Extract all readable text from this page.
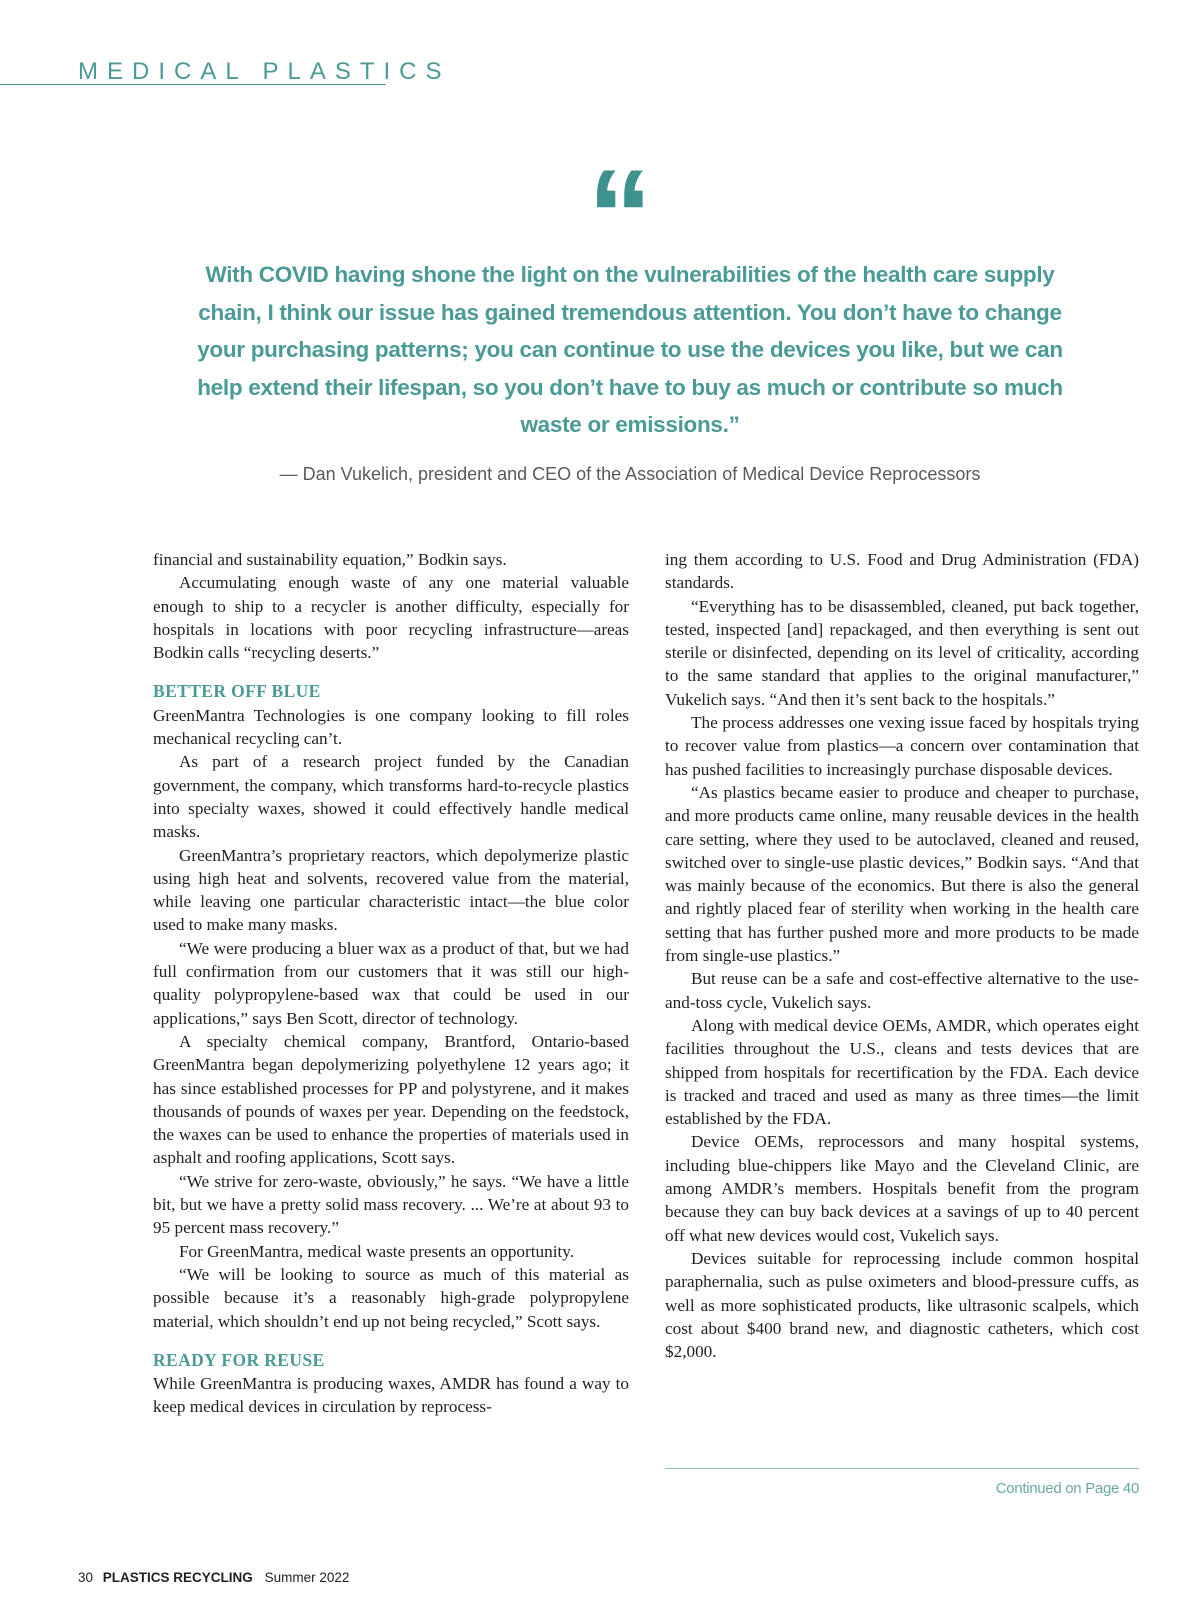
MEDICAL PLASTICS
“

With COVID having shone the light on the vulnerabilities of the health care supply chain, I think our issue has gained tremendous attention. You don’t have to change your purchasing patterns; you can continue to use the devices you like, but we can help extend their lifespan, so you don’t have to buy as much or contribute so much waste or emissions.”

— Dan Vukelich, president and CEO of the Association of Medical Device Reprocessors

financial and sustainability equation,” Bodkin says.

Accumulating enough waste of any one material valuable enough to ship to a recycler is another difficulty, especially for hospitals in locations with poor recycling infrastructure—areas Bodkin calls “recycling deserts.”

BETTER OFF BLUE

GreenMantra Technologies is one company looking to fill roles mechanical recycling can’t.

As part of a research project funded by the Canadian government, the company, which transforms hard-to-recycle plastics into specialty waxes, showed it could effectively handle medical masks.

GreenMantra’s proprietary reactors, which depolymerize plastic using high heat and solvents, recovered value from the material, while leaving one particular characteristic intact—the blue color used to make many masks.

“We were producing a bluer wax as a product of that, but we had full confirmation from our customers that it was still our high-quality polypropylene-based wax that could be used in our applications,” says Ben Scott, director of technology.

A specialty chemical company, Brantford, Ontario-based GreenMantra began depolymerizing polyethylene 12 years ago; it has since established processes for PP and polystyrene, and it makes thousands of pounds of waxes per year. Depending on the feedstock, the waxes can be used to enhance the properties of materials used in asphalt and roofing applications, Scott says.

“We strive for zero-waste, obviously,” he says. “We have a little bit, but we have a pretty solid mass recovery. ... We’re at about 93 to 95 percent mass recovery.”

For GreenMantra, medical waste presents an opportunity.

“We will be looking to source as much of this material as possible because it’s a reasonably high-grade polypropylene material, which shouldn’t end up not being recycled,” Scott says.

READY FOR REUSE

While GreenMantra is producing waxes, AMDR has found a way to keep medical devices in circulation by reprocess-

ing them according to U.S. Food and Drug Administration (FDA) standards.

“Everything has to be disassembled, cleaned, put back together, tested, inspected [and] repackaged, and then everything is sent out sterile or disinfected, depending on its level of criticality, according to the same standard that applies to the original manufacturer,” Vukelich says. “And then it’s sent back to the hospitals.”

The process addresses one vexing issue faced by hospitals trying to recover value from plastics—a concern over contamination that has pushed facilities to increasingly purchase disposable devices.

“As plastics became easier to produce and cheaper to purchase, and more products came online, many reusable devices in the health care setting, where they used to be autoclaved, cleaned and reused, switched over to single-use plastic devices,” Bodkin says. “And that was mainly because of the economics. But there is also the general and rightly placed fear of sterility when working in the health care setting that has further pushed more and more products to be made from single-use plastics.”

But reuse can be a safe and cost-effective alternative to the use-and-toss cycle, Vukelich says.

Along with medical device OEMs, AMDR, which operates eight facilities throughout the U.S., cleans and tests devices that are shipped from hospitals for recertification by the FDA. Each device is tracked and traced and used as many as three times—the limit established by the FDA.

Device OEMs, reprocessors and many hospital systems, including blue-chippers like Mayo and the Cleveland Clinic, are among AMDR’s members. Hospitals benefit from the program because they can buy back devices at a savings of up to 40 percent off what new devices would cost, Vukelich says.

Devices suitable for reprocessing include common hospital paraphernalia, such as pulse oximeters and blood-pressure cuffs, as well as more sophisticated products, like ultrasonic scalpels, which cost about $400 brand new, and diagnostic catheters, which cost $2,000.

Continued on Page 40
30 PLASTICS RECYCLING Summer 2022
